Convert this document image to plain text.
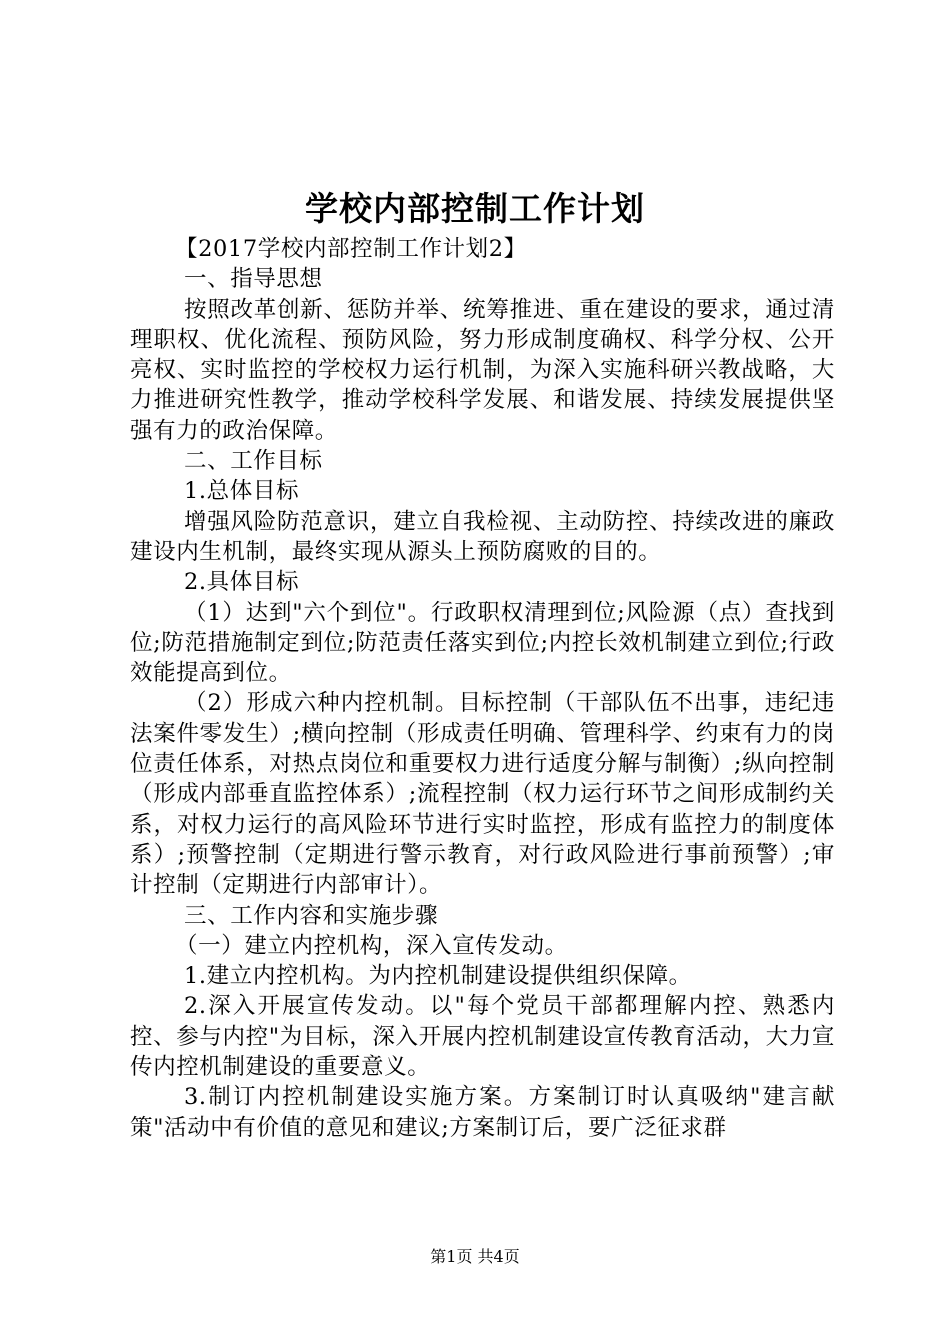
学校内部控制工作计划

【2017学校内部控制工作计划2】

一、指导思想

按照改革创新、惩防并举、统筹推进、重在建设的要求，通过清理职权、优化流程、预防风险，努力形成制度确权、科学分权、公开亮权、实时监控的学校权力运行机制，为深入实施科研兴教战略，大力推进研究性教学，推动学校科学发展、和谐发展、持续发展提供坚强有力的政治保障。

二、工作目标

1.总体目标

增强风险防范意识，建立自我检视、主动防控、持续改进的廉政建设内生机制，最终实现从源头上预防腐败的目的。

2.具体目标

（1）达到"六个到位"。行政职权清理到位;风险源（点）查找到位;防范措施制定到位;防范责任落实到位;内控长效机制建立到位;行政效能提高到位。

（2）形成六种内控机制。目标控制（干部队伍不出事，违纪违法案件零发生）;横向控制（形成责任明确、管理科学、约束有力的岗位责任体系，对热点岗位和重要权力进行适度分解与制衡）;纵向控制（形成内部垂直监控体系）;流程控制（权力运行环节之间形成制约关系，对权力运行的高风险环节进行实时监控，形成有监控力的制度体系）;预警控制（定期进行警示教育，对行政风险进行事前预警）;审计控制（定期进行内部审计）。

三、工作内容和实施步骤

（一）建立内控机构，深入宣传发动。

1.建立内控机构。为内控机制建设提供组织保障。

2.深入开展宣传发动。以"每个党员干部都理解内控、熟悉内控、参与内控"为目标，深入开展内控机制建设宣传教育活动，大力宣传内控机制建设的重要意义。

3.制订内控机制建设实施方案。方案制订时认真吸纳"建言献策"活动中有价值的意见和建议;方案制订后，要广泛征求群

第1页 共4页
